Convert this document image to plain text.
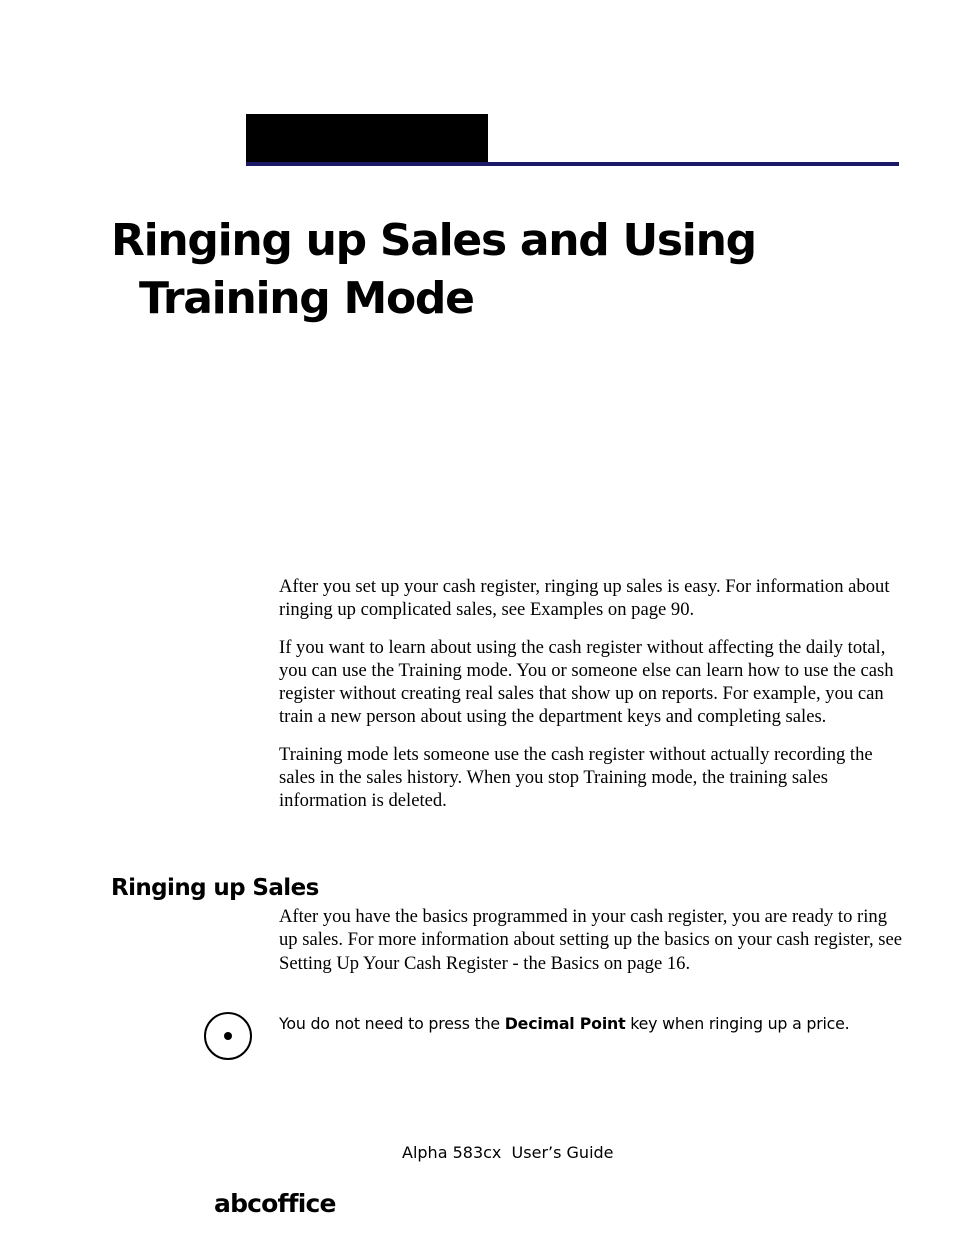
Ringing up Sales and Using
Training Mode

After you set up your cash register, ringing up sales is easy. For information about ringing up complicated sales, see Examples on page 90.

If you want to learn about using the cash register without affecting the daily total, you can use the Training mode. You or someone else can learn how to use the cash register without creating real sales that show up on reports. For example, you can train a new person about using the department keys and completing sales.

Training mode lets someone use the cash register without actually recording the sales in the sales history. When you stop Training mode, the training sales information is deleted.

Ringing up Sales

After you have the basics programmed in your cash register, you are ready to ring up sales. For more information about setting up the basics on your cash register, see Setting Up Your Cash Register - the Basics on page 16.

You do not need to press the Decimal Point key when ringing up a price.
Alpha 583cx  User’s Guide
abcoffice
